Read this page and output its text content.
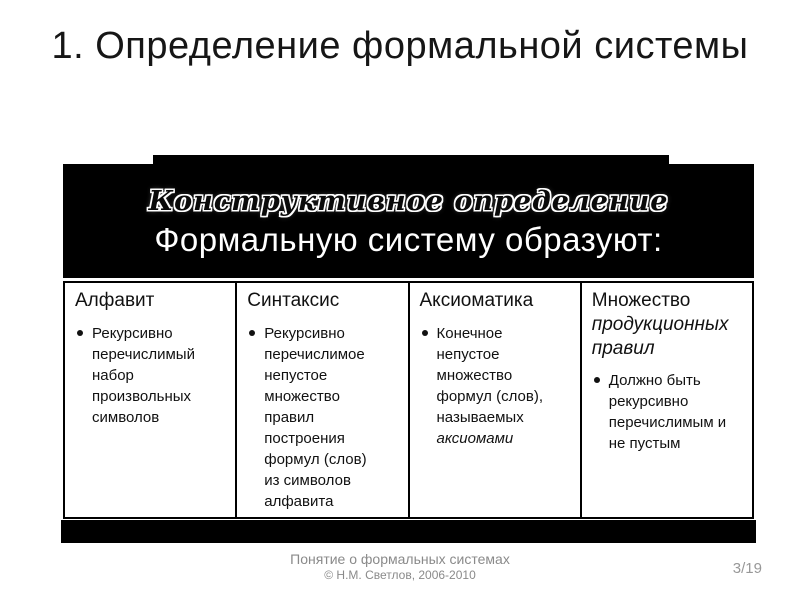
1. Определение формальной системы
Конструктивное определение
Формальную систему образуют:
Алфавит
Рекурсивно перечислимый набор произвольных символов
Синтаксис
Рекурсивно перечислимое непустое множество правил построения формул (слов) из символов алфавита
Аксиоматика
Конечное непустое множество формул (слов), называемых аксиомами
Множество продукционных правил
Должно быть рекурсивно перечислимым и не пустым
Понятие о формальных системах
© Н.М. Светлов, 2006-2010	3/19
